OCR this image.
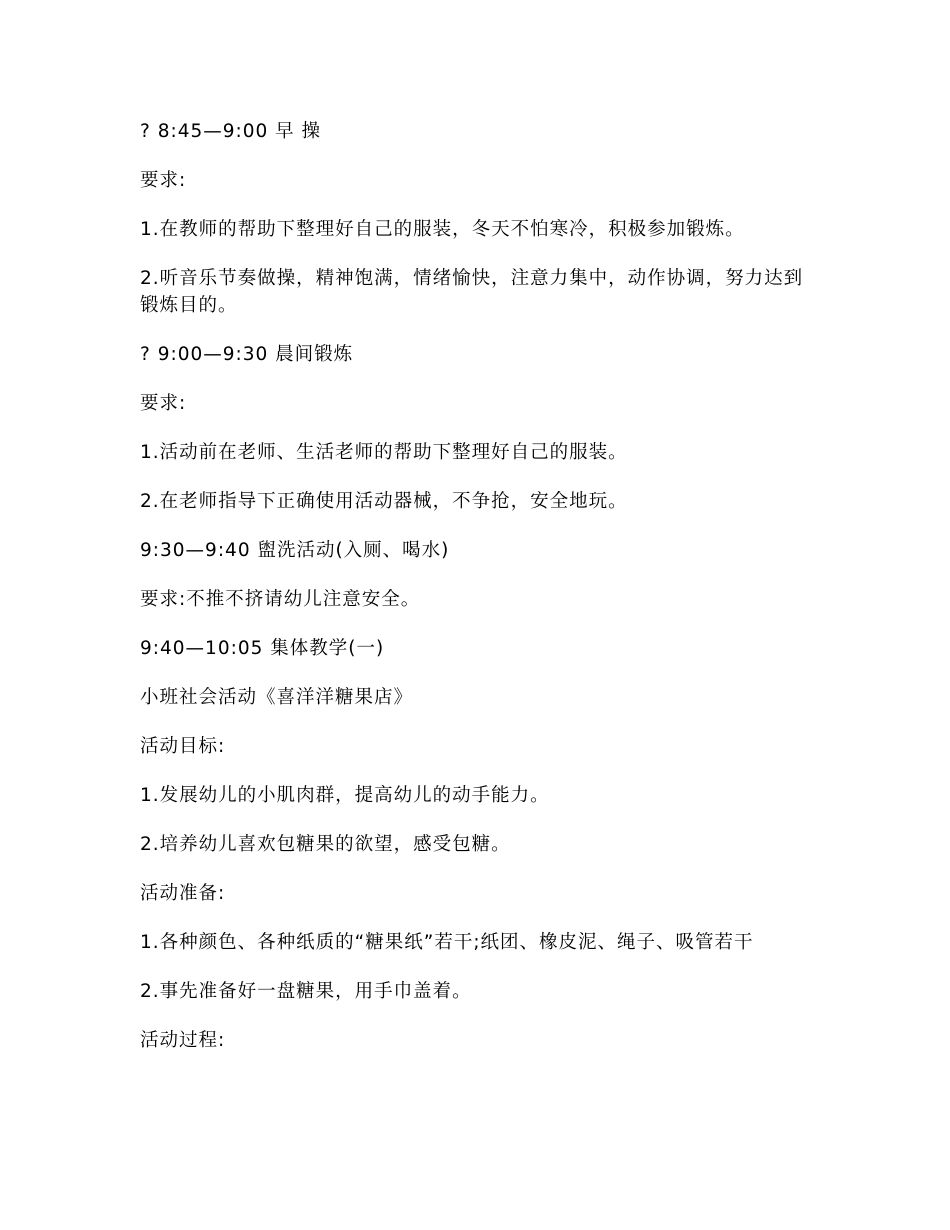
? 8:45—9:00 早 操

要求:

1.在教师的帮助下整理好自己的服装，冬天不怕寒冷，积极参加锻炼。

2.听音乐节奏做操，精神饱满，情绪愉快，注意力集中，动作协调，努力达到锻炼目的。

? 9:00—9:30 晨间锻炼

要求:

1.活动前在老师、生活老师的帮助下整理好自己的服装。

2.在老师指导下正确使用活动器械，不争抢，安全地玩。

9:30—9:40 盥洗活动(入厕、喝水)

要求:不推不挤请幼儿注意安全。

9:40—10:05 集体教学(一)

小班社会活动《喜洋洋糖果店》

活动目标:

1.发展幼儿的小肌肉群，提高幼儿的动手能力。

2.培养幼儿喜欢包糖果的欲望，感受包糖。

活动准备:

1.各种颜色、各种纸质的“糖果纸”若干;纸团、橡皮泥、绳子、吸管若干

2.事先准备好一盘糖果，用手巾盖着。

活动过程:
